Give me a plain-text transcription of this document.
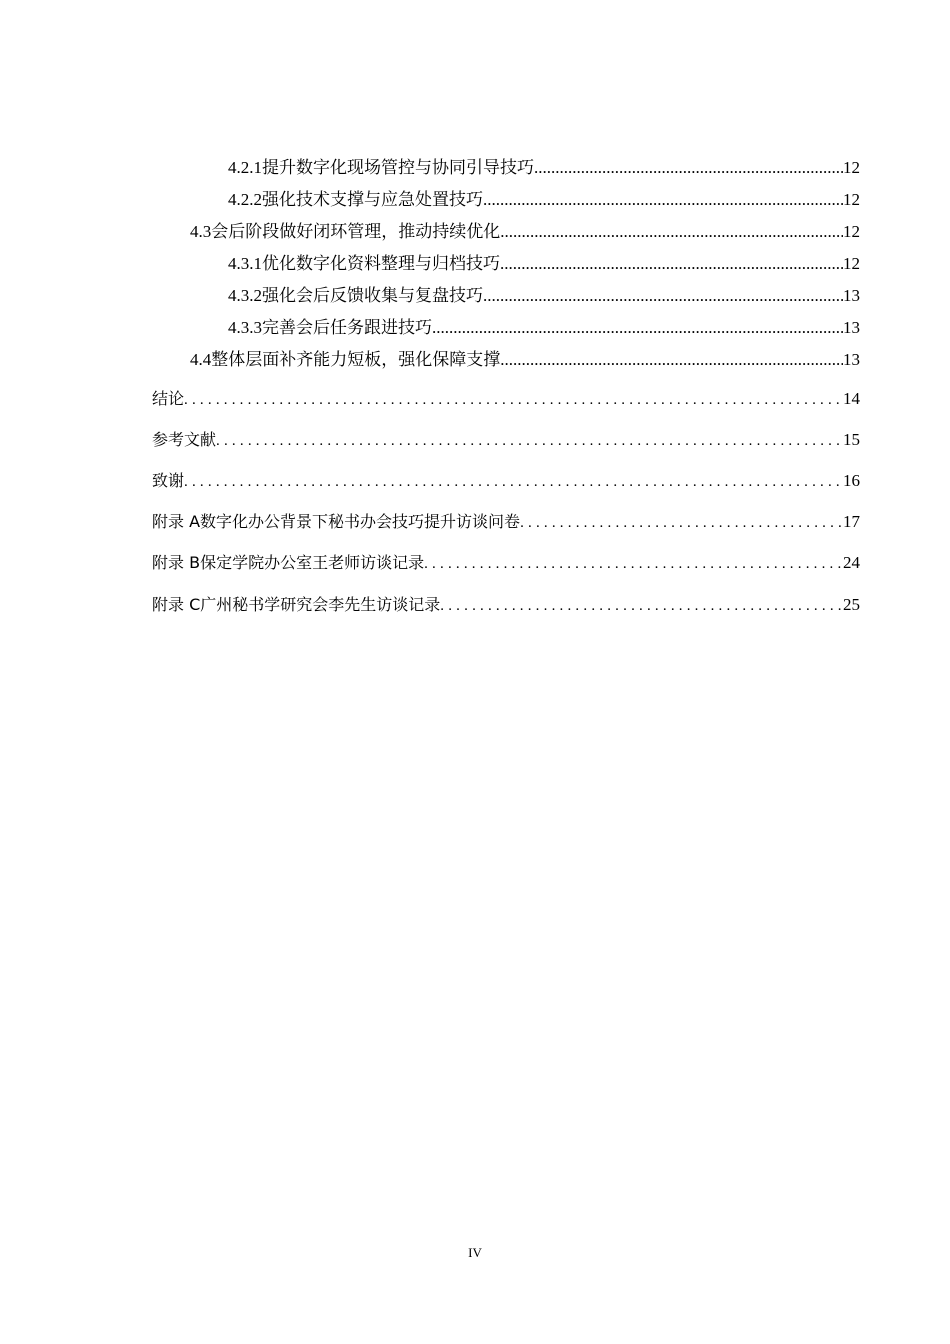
4.2.1 提升数字化现场管控与协同引导技巧 .....	12
4.2.2 强化技术支撑与应急处置技巧 .....	12
4.3 会后阶段做好闭环管理，推动持续优化 .....	12
4.3.1 优化数字化资料整理与归档技巧 .....	12
4.3.2 强化会后反馈收集与复盘技巧 .....	13
4.3.3 完善会后任务跟进技巧 .....	13
4.4 整体层面补齐能力短板，强化保障支撑 .....	13
结论 .....	14
参考文献 .....	15
致谢 .....	16
附录 A 数字化办公背景下秘书办会技巧提升访谈问卷 .....	17
附录 B 保定学院办公室王老师访谈记录 .....	24
附录 C 广州秘书学研究会李先生访谈记录 .....	25
IV
